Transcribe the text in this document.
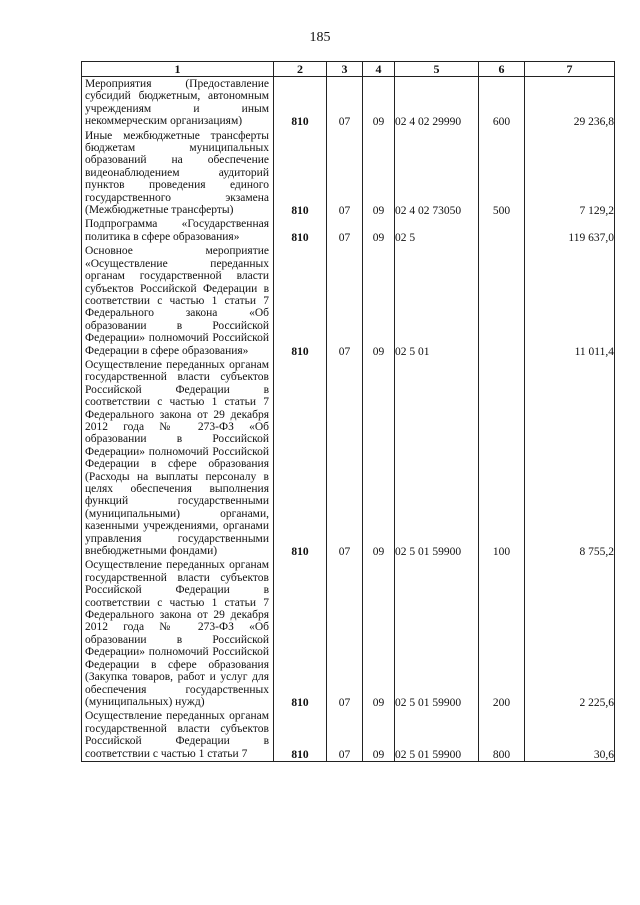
185
1	2	3	4	5	6	7
Мероприятия (Предоставление субсидий бюджетным, автономным учреждениям и иным некоммерческим организациям)	810	07	09	02 4 02 29990	600	29 236,8
Иные межбюджетные трансферты бюджетам муниципальных образований на обеспечение видеонаблюдением аудиторий пунктов проведения единого государственного экзамена (Межбюджетные трансферты)	810	07	09	02 4 02 73050	500	7 129,2
Подпрограмма «Государственная политика в сфере образования»	810	07	09	02 5		119 637,0
Основное мероприятие «Осуществление переданных органам государственной власти субъектов Российской Федерации в соответствии с частью 1 статьи 7 Федерального закона «Об образовании в Российской Федерации» полномочий Российской Федерации в сфере образования»	810	07	09	02 5 01		11 011,4
Осуществление переданных органам государственной власти субъектов Российской Федерации в соответствии с частью 1 статьи 7 Федерального закона от 29 декабря 2012 года № 273-ФЗ «Об образовании в Российской Федерации» полномочий Российской Федерации в сфере образования (Расходы на выплаты персоналу в целях обеспечения выполнения функций государственными (муниципальными) органами, казенными учреждениями, органами управления государственными внебюджетными фондами)	810	07	09	02 5 01 59900	100	8 755,2
Осуществление переданных органам государственной власти субъектов Российской Федерации в соответствии с частью 1 статьи 7 Федерального закона от 29 декабря 2012 года № 273-ФЗ «Об образовании в Российской Федерации» полномочий Российской Федерации в сфере образования (Закупка товаров, работ и услуг для обеспечения государственных (муниципальных) нужд)	810	07	09	02 5 01 59900	200	2 225,6
Осуществление переданных органам государственной власти субъектов Российской Федерации в соответствии с частью 1 статьи 7	810	07	09	02 5 01 59900	800	30,6
